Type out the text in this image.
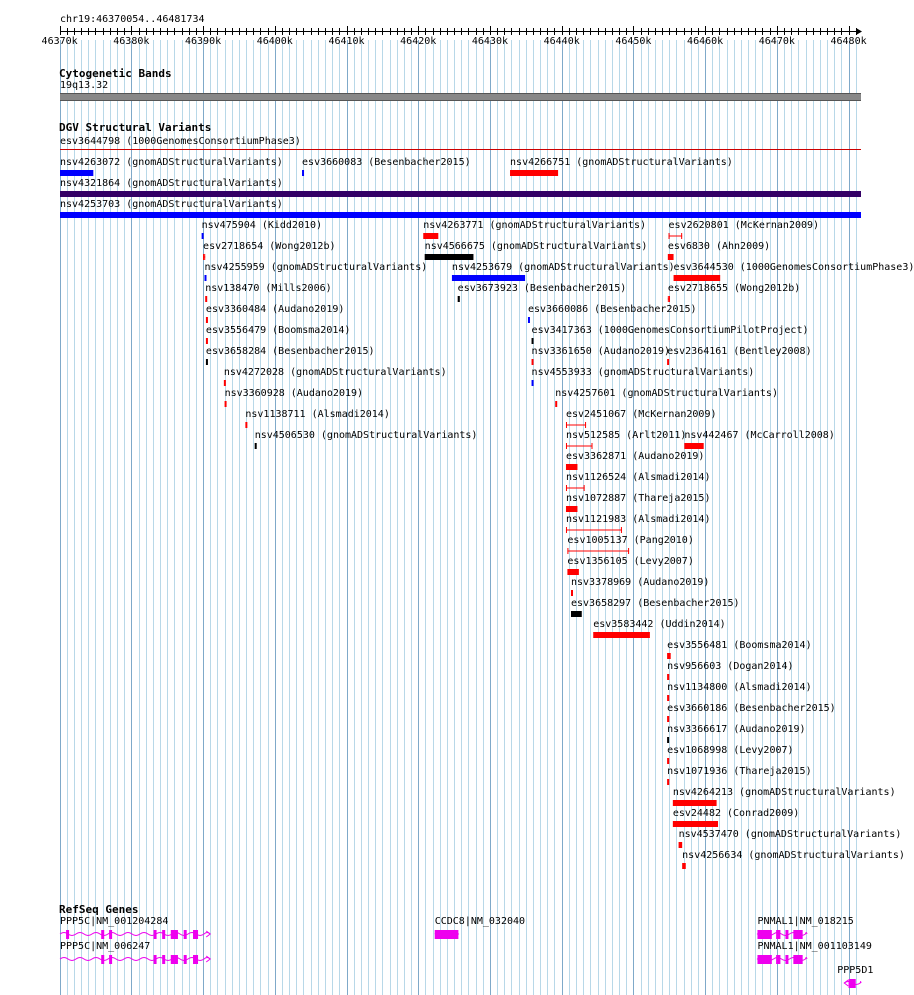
chr19:46370054..46481734
46370k	46380k	46390k	46400k	46410k	46420k	46430k	46440k	46450k	46460k	46470k	46480k
Cytogenetic Bands
19q13.32
DGV Structural Variants
esv3644798 (1000GenomesConsortiumPhase3)
nsv4263072 (gnomADStructuralVariants) esv3660083 (Besenbacher2015)	nsv4266751 (gnomADStructuralVariants)
nsv4321864 (gnomADStructuralVariants)
nsv4253703 (gnomADStructuralVariants)
nsv475904 (Kidd2010)	nsv4263771 (gnomADStructuralVariants) esv2620801 (McKernan2009)
esv2718654 (Wong2012b)	nsv4566675 (gnomADStructuralVariants) esv6830 (Ahn2009)
nsv4255959 (gnomADStructuralVariants) nsv4253679 (gnomADStructuralVariants)
esv3644530 (1000GenomesConsortiumPhase3)
nsv138470 (Mills2006)	esv3673923 (Besenbacher2015)	esv2718655 (Wong2012b)
esv3360484 (Audano2019)	esv3660086 (Besenbacher2015)
esv3556479 (Boomsma2014)	esv3417363 (1000GenomesConsortiumPilotProject)
esv3658284 (Besenbacher2015)	nsv3361650 (Audano2019)
esv2364161 (Bentley2008)
nsv4272028 (gnomADStructuralVariants)	nsv4553933 (gnomADStructuralVariants)
nsv3360928 (Audano2019)	nsv4257601 (gnomADStructuralVariants)
nsv1138711 (Alsmadi2014)	esv2451067 (McKernan2009)
nsv4506530 (gnomADStructuralVariants)	nsv512585 (Arlt2011)
nsv442467 (McCarroll2008)
esv3362871 (Audano2019)
nsv1126524 (Alsmadi2014)
nsv1072887 (Thareja2015)
nsv1121983 (Alsmadi2014)
esv1005137 (Pang2010)
esv1356105 (Levy2007)
nsv3378969 (Audano2019)
esv3658297 (Besenbacher2015)
esv3583442 (Uddin2014)
esv3556481 (Boomsma2014)
nsv956603 (Dogan2014)
nsv1134800 (Alsmadi2014)
esv3660186 (Besenbacher2015)
nsv3366617 (Audano2019)
esv1068998 (Levy2007)
nsv1071936 (Thareja2015)
nsv4264213 (gnomADStructuralVariants)
esv24482 (Conrad2009)
nsv4537470 (gnomADStructuralVariants)
nsv4256634 (gnomADStructuralVariants)
RefSeq Genes
PPP5C|NM_001204284	CCDC8|NM_032040	PNMAL1|NM_018215
PPP5C|NM_006247	PNMAL1|NM_001103149
PPP5D1
